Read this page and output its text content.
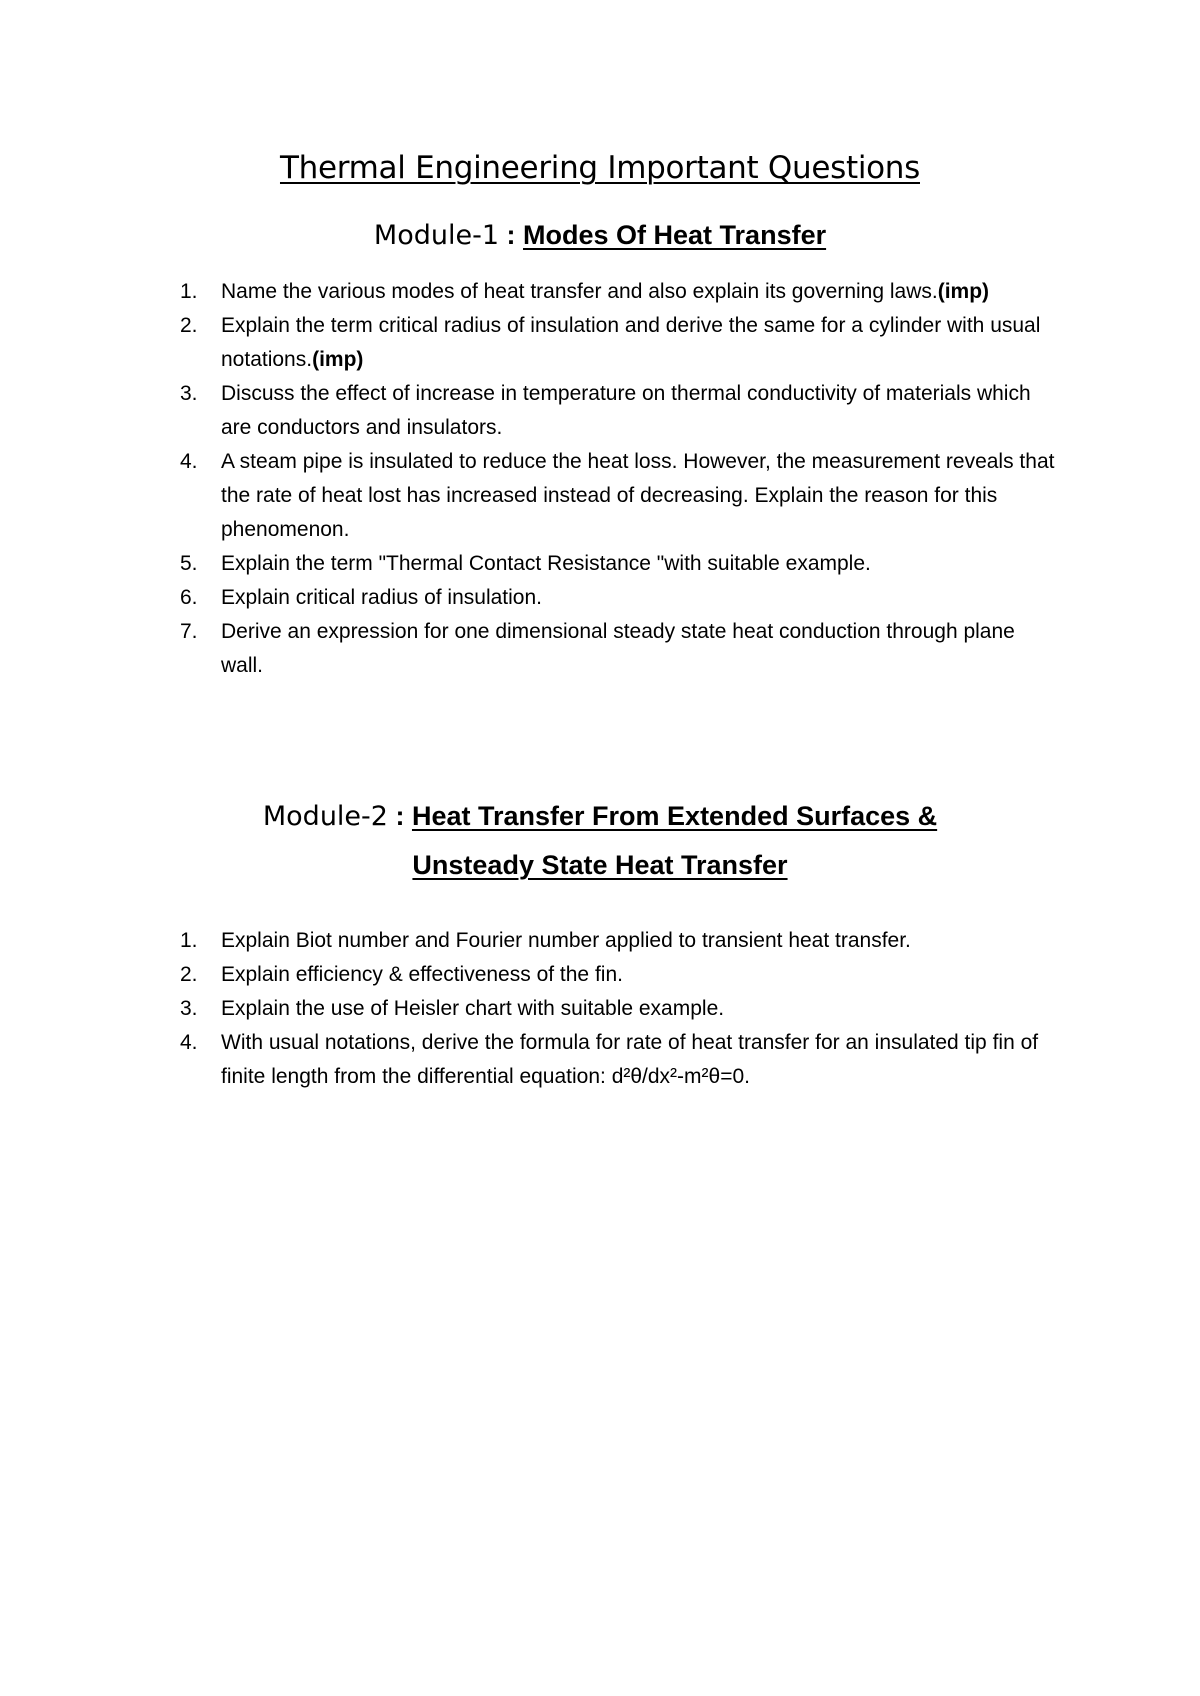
Thermal Engineering Important Questions
Module-1 : Modes Of Heat Transfer
1.	Name the various modes of heat transfer and also explain its governing laws.(imp)
2.	Explain the term critical radius of insulation and derive the same for a cylinder with usual notations.(imp)
3.	Discuss the effect of increase in temperature on thermal conductivity of materials which are conductors and insulators.
4.	A steam pipe is insulated to reduce the heat loss. However, the measurement reveals that the rate of heat lost has increased instead of decreasing. Explain the reason for this phenomenon.
5.	Explain the term "Thermal Contact Resistance "with suitable example.
6.	Explain critical radius of insulation.
7.	Derive an expression for one dimensional steady state heat conduction through plane wall.
Module-2 : Heat Transfer From Extended Surfaces &
Unsteady State Heat Transfer
1.	Explain Biot number and Fourier number applied to transient heat transfer.
2.	Explain efficiency & effectiveness of the fin.
3.	Explain the use of Heisler chart with suitable example.
4.	With usual notations, derive the formula for rate of heat transfer for an insulated tip fin of finite length from the differential equation: d²θ/dx²-m²θ=0.
